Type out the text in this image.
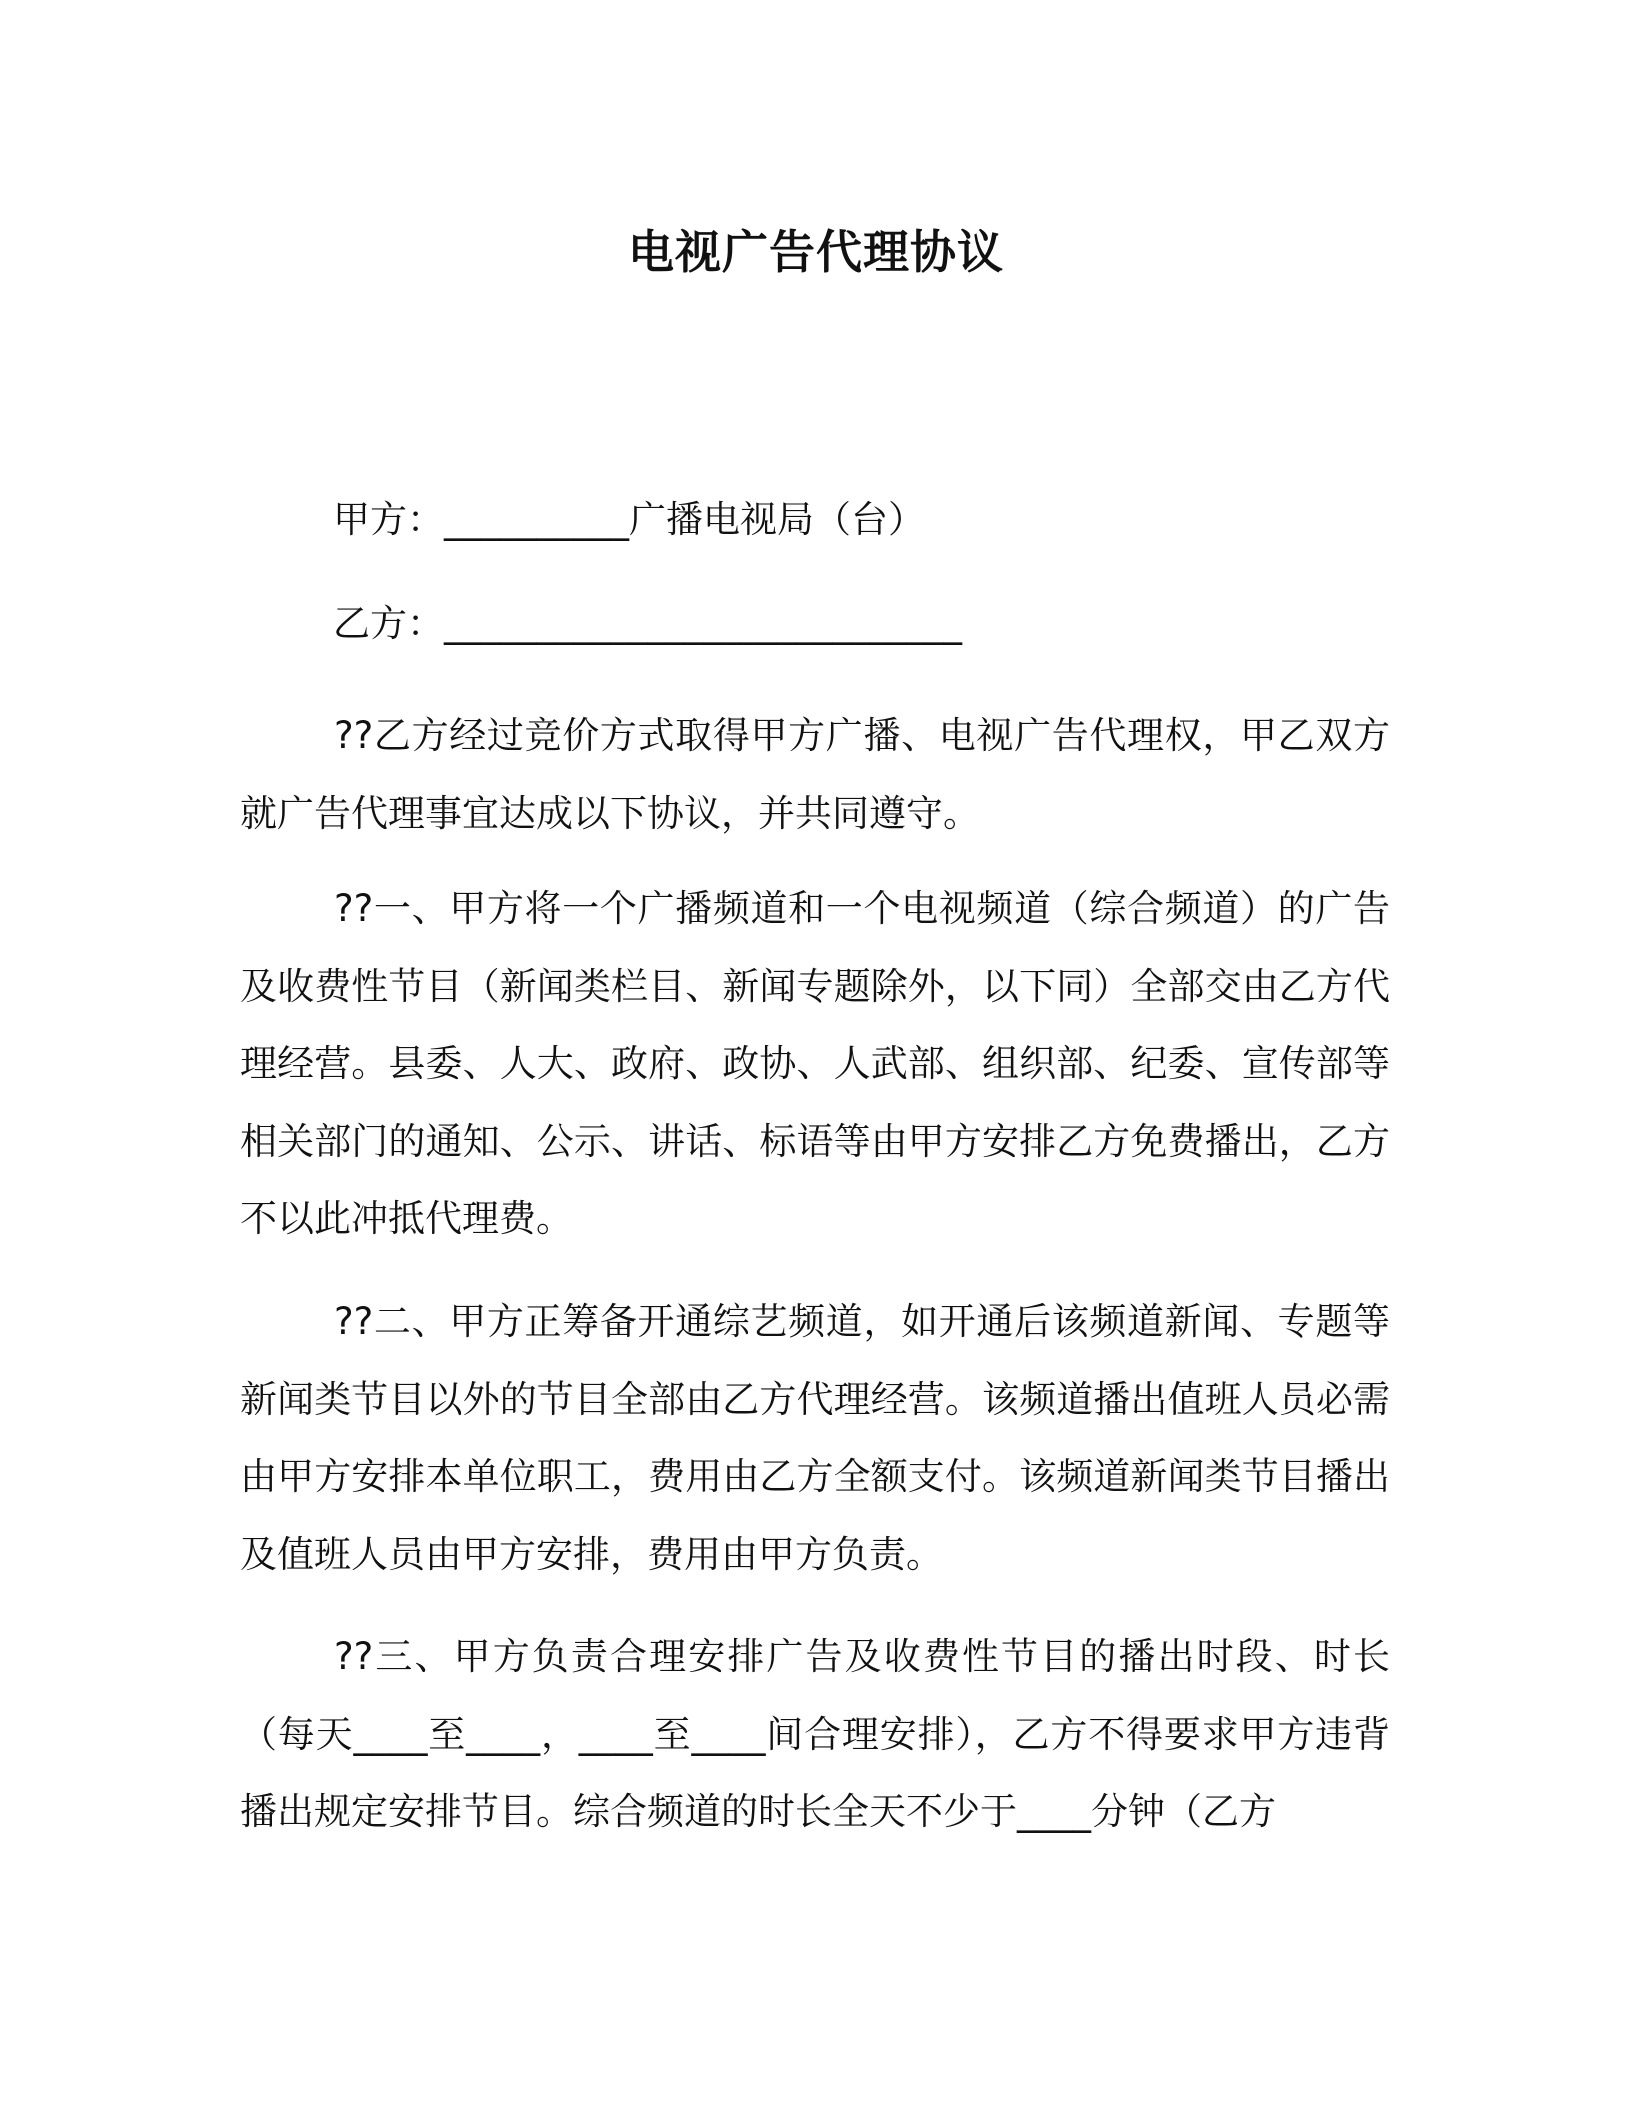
电视广告代理协议
甲方：__________广播电视局（台）
乙方：____________________________

??乙方经过竞价方式取得甲方广播、电视广告代理权，甲乙双方就广告代理事宜达成以下协议，并共同遵守。

??一、甲方将一个广播频道和一个电视频道（综合频道）的广告及收费性节目（新闻类栏目、新闻专题除外，以下同）全部交由乙方代理经营。县委、人大、政府、政协、人武部、组织部、纪委、宣传部等相关部门的通知、公示、讲话、标语等由甲方安排乙方免费播出，乙方不以此冲抵代理费。

??二、甲方正筹备开通综艺频道，如开通后该频道新闻、专题等新闻类节目以外的节目全部由乙方代理经营。该频道播出值班人员必需由甲方安排本单位职工，费用由乙方全额支付。该频道新闻类节目播出及值班人员由甲方安排，费用由甲方负责。

??三、甲方负责合理安排广告及收费性节目的播出时段、时长（每天____至____，____至____间合理安排），乙方不得要求甲方违背播出规定安排节目。综合频道的时长全天不少于____分钟（乙方
